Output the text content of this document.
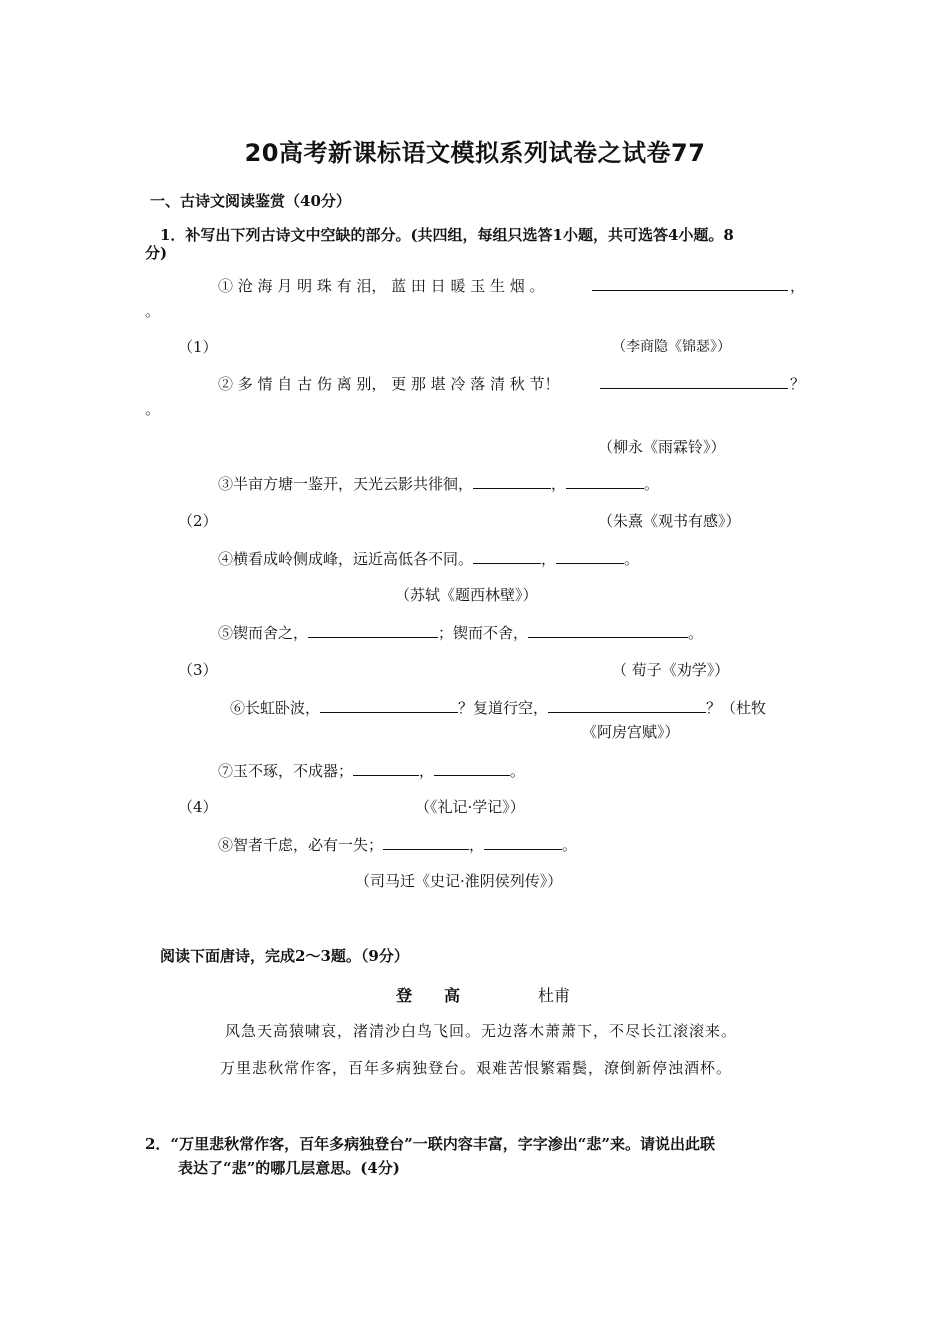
20高考新课标语文模拟系列试卷之试卷77
一、古诗文阅读鉴赏（40分）
1．补写出下列古诗文中空缺的部分。(共四组，每组只选答1小题，共可选答4小题。8
分)
① 沧 海 月 明 珠 有 泪， 蓝 田 日 暖 玉 生 烟 。	，
。
（1）	（李商隐《锦瑟》）
② 多 情 自 古 伤 离 别， 更 那 堪 冷 落 清 秋 节！	？
。
（柳永《雨霖铃》）
③半亩方塘一鉴开，天光云影共徘徊，	，	。
（2）	（朱熹《观书有感》）
④横看成岭侧成峰，远近高低各不同。	，	。
（苏轼《题西林壁》）
⑤锲而舍之，	；锲而不舍，	。
（3）	（ 荀子《劝学》）
⑥长虹卧波，	？复道行空，	？（杜牧
《阿房宫赋》）
⑦玉不琢，不成器；	，	。
（4）	（《礼记·学记》）
⑧智者千虑，必有一失；	，	。
（司马迁《史记·淮阴侯列传》）
阅读下面唐诗，完成2～3题。（9分）
登　　高	杜甫
风急天高猿啸哀，渚清沙白鸟飞回。无边落木萧萧下，不尽长江滚滚来。
万里悲秋常作客，百年多病独登台。艰难苦恨繁霜鬓，潦倒新停浊酒杯。
2．“万里悲秋常作客，百年多病独登台”一联内容丰富，字字渗出“悲”来。请说出此联
表达了“悲”的哪几层意思。(4分)
